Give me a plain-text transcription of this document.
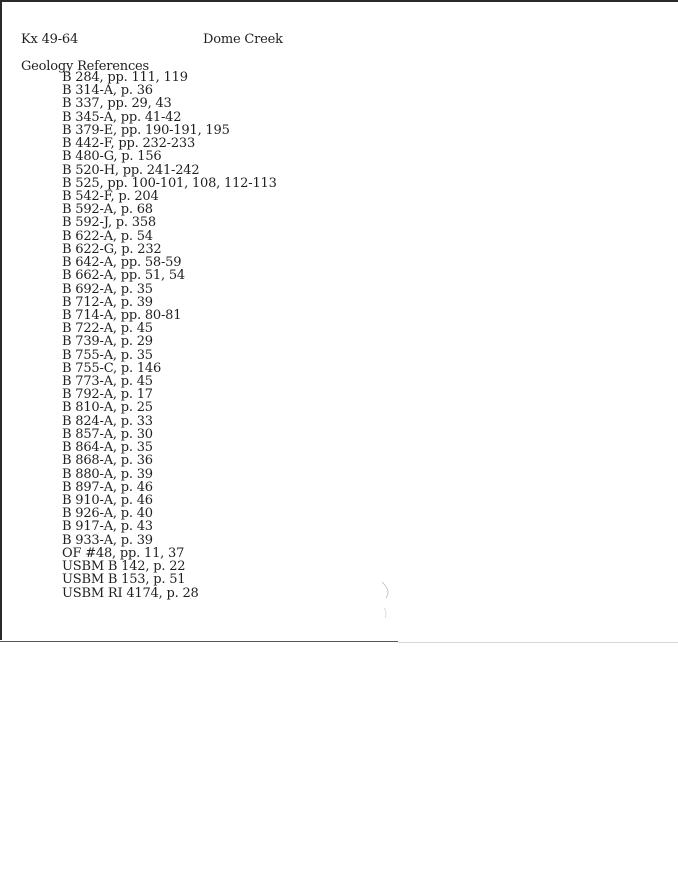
Kx 49-64	Dome Creek
Geology References
B 284, pp. 111, 119
B 314-A, p. 36
B 337, pp. 29, 43
B 345-A, pp. 41-42
B 379-E, pp. 190-191, 195
B 442-F, pp. 232-233
B 480-G, p. 156
B 520-H, pp. 241-242
B 525, pp. 100-101, 108, 112-113
B 542-F, p. 204
B 592-A, p. 68
B 592-J, p. 358
B 622-A, p. 54
B 622-G, p. 232
B 642-A, pp. 58-59
B 662-A, pp. 51, 54
B 692-A, p. 35
B 712-A, p. 39
B 714-A, pp. 80-81
B 722-A, p. 45
B 739-A, p. 29
B 755-A, p. 35
B 755-C, p. 146
B 773-A, p. 45
B 792-A, p. 17
B 810-A, p. 25
B 824-A, p. 33
B 857-A, p. 30
B 864-A, p. 35
B 868-A, p. 36
B 880-A, p. 39
B 897-A, p. 46
B 910-A, p. 46
B 926-A, p. 40
B 917-A, p. 43
B 933-A, p. 39
OF #48, pp. 11, 37
USBM B 142, p. 22
USBM B 153, p. 51
USBM RI 4174, p. 28
